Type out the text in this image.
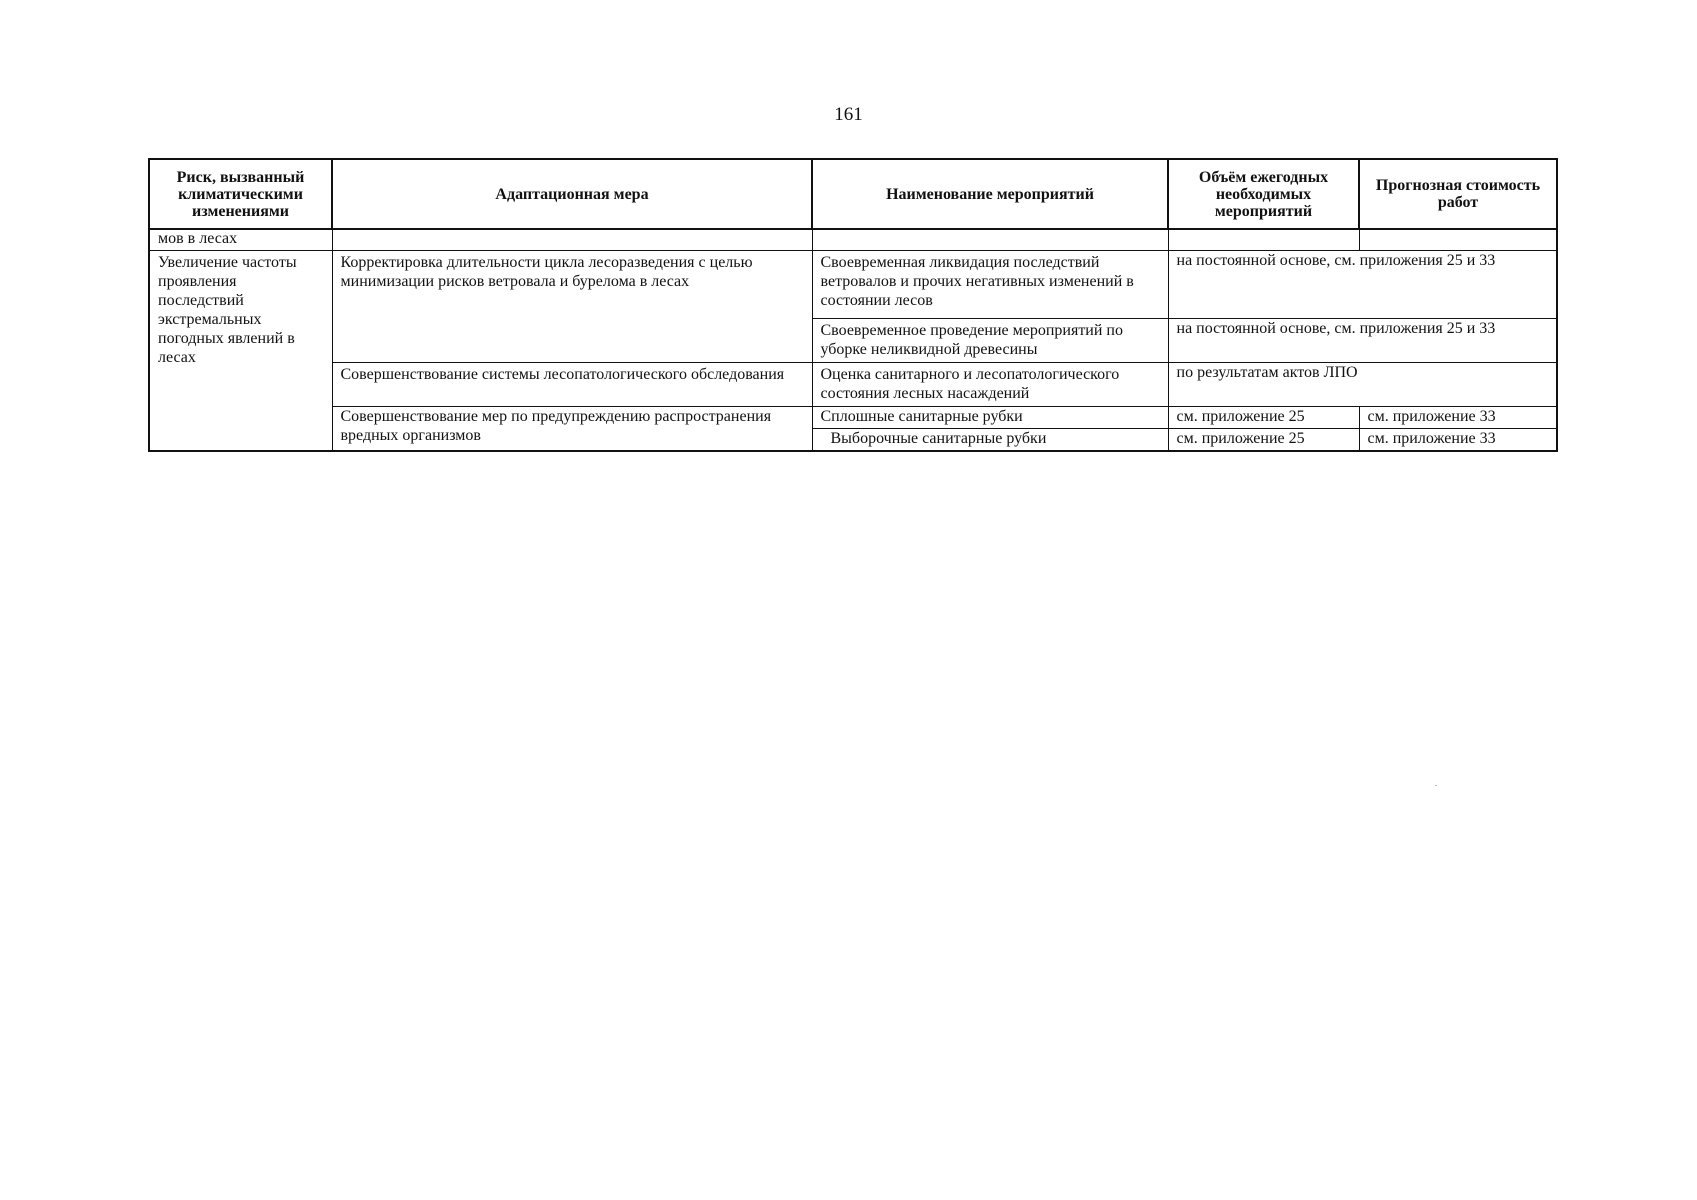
161
Риск, вызванный климатическими изменениями	Адаптационная мера	Наименование мероприятий	Объём ежегодных необходимых мероприятий	Прогнозная стоимость работ
мов в лесах				
Увеличение частоты проявления последствий экстремальных погодных явлений в лесах	Корректировка длительности цикла лесоразведения с целью минимизации рисков ветровала и бурелома в лесах	Своевременная ликвидация последствий ветровалов и прочих негативных изменений в состоянии лесов	на постоянной основе, см. приложения 25 и 33	
		Своевременное проведение мероприятий по уборке неликвидной древесины	на постоянной основе, см. приложения 25 и 33	
	Совершенствование системы лесопатологического обследования	Оценка санитарного и лесопатологического состояния лесных насаждений	по результатам актов ЛПО	
	Совершенствование мер по предупреждению распространения вредных организмов	Сплошные санитарные рубки	см. приложение 25	см. приложение 33
		Выборочные санитарные рубки	см. приложение 25	см. приложение 33
